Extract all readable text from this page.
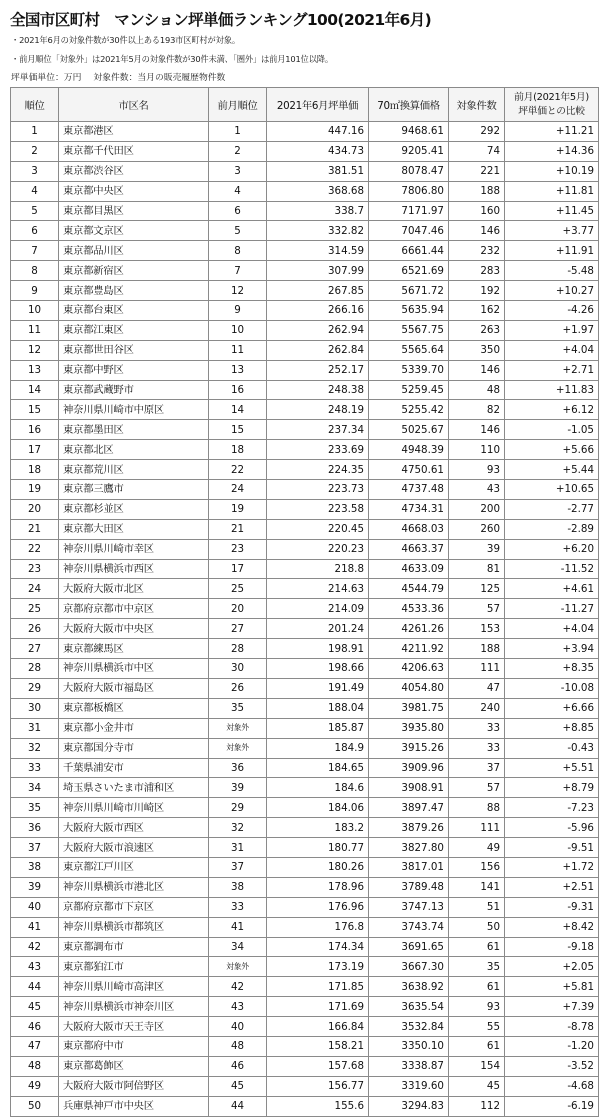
全国市区町村　マンション坪単価ランキング100(2021年6月)
・2021年6月の対象件数が30件以上ある193市区町村が対象。
・前月順位「対象外」は2021年5月の対象件数が30件未満、「圏外」は前月101位以降。
坪単価単位：万円 対象件数：当月の販売履歴物件数
順位	市区名	前月順位	2021年6月坪単価	70㎡換算価格	対象件数	前月(2021年5月)
坪単価との比較

1	東京都港区	1	447.16	9468.61	292	+11.21
2	東京都千代田区	2	434.73	9205.41	74	+14.36
3	東京都渋谷区	3	381.51	8078.47	221	+10.19
4	東京都中央区	4	368.68	7806.80	188	+11.81
5	東京都目黒区	6	338.7	7171.97	160	+11.45
6	東京都文京区	5	332.82	7047.46	146	+3.77
7	東京都品川区	8	314.59	6661.44	232	+11.91
8	東京都新宿区	7	307.99	6521.69	283	-5.48
9	東京都豊島区	12	267.85	5671.72	192	+10.27
10	東京都台東区	9	266.16	5635.94	162	-4.26
11	東京都江東区	10	262.94	5567.75	263	+1.97
12	東京都世田谷区	11	262.84	5565.64	350	+4.04
13	東京都中野区	13	252.17	5339.70	146	+2.71
14	東京都武蔵野市	16	248.38	5259.45	48	+11.83
15	神奈川県川崎市中原区	14	248.19	5255.42	82	+6.12
16	東京都墨田区	15	237.34	5025.67	146	-1.05
17	東京都北区	18	233.69	4948.39	110	+5.66
18	東京都荒川区	22	224.35	4750.61	93	+5.44
19	東京都三鷹市	24	223.73	4737.48	43	+10.65
20	東京都杉並区	19	223.58	4734.31	200	-2.77
21	東京都大田区	21	220.45	4668.03	260	-2.89
22	神奈川県川崎市幸区	23	220.23	4663.37	39	+6.20
23	神奈川県横浜市西区	17	218.8	4633.09	81	-11.52
24	大阪府大阪市北区	25	214.63	4544.79	125	+4.61
25	京都府京都市中京区	20	214.09	4533.36	57	-11.27
26	大阪府大阪市中央区	27	201.24	4261.26	153	+4.04
27	東京都練馬区	28	198.91	4211.92	188	+3.94
28	神奈川県横浜市中区	30	198.66	4206.63	111	+8.35
29	大阪府大阪市福島区	26	191.49	4054.80	47	-10.08
30	東京都板橋区	35	188.04	3981.75	240	+6.66
31	東京都小金井市	対象外	185.87	3935.80	33	+8.85
32	東京都国分寺市	対象外	184.9	3915.26	33	-0.43
33	千葉県浦安市	36	184.65	3909.96	37	+5.51
34	埼玉県さいたま市浦和区	39	184.6	3908.91	57	+8.79
35	神奈川県川崎市川崎区	29	184.06	3897.47	88	-7.23
36	大阪府大阪市西区	32	183.2	3879.26	111	-5.96
37	大阪府大阪市浪速区	31	180.77	3827.80	49	-9.51
38	東京都江戸川区	37	180.26	3817.01	156	+1.72
39	神奈川県横浜市港北区	38	178.96	3789.48	141	+2.51
40	京都府京都市下京区	33	176.96	3747.13	51	-9.31
41	神奈川県横浜市都筑区	41	176.8	3743.74	50	+8.42
42	東京都調布市	34	174.34	3691.65	61	-9.18
43	東京都狛江市	対象外	173.19	3667.30	35	+2.05
44	神奈川県川崎市高津区	42	171.85	3638.92	61	+5.81
45	神奈川県横浜市神奈川区	43	171.69	3635.54	93	+7.39
46	大阪府大阪市天王寺区	40	166.84	3532.84	55	-8.78
47	東京都府中市	48	158.21	3350.10	61	-1.20
48	東京都葛飾区	46	157.68	3338.87	154	-3.52
49	大阪府大阪市阿倍野区	45	156.77	3319.60	45	-4.68
50	兵庫県神戸市中央区	44	155.6	3294.83	112	-6.19
